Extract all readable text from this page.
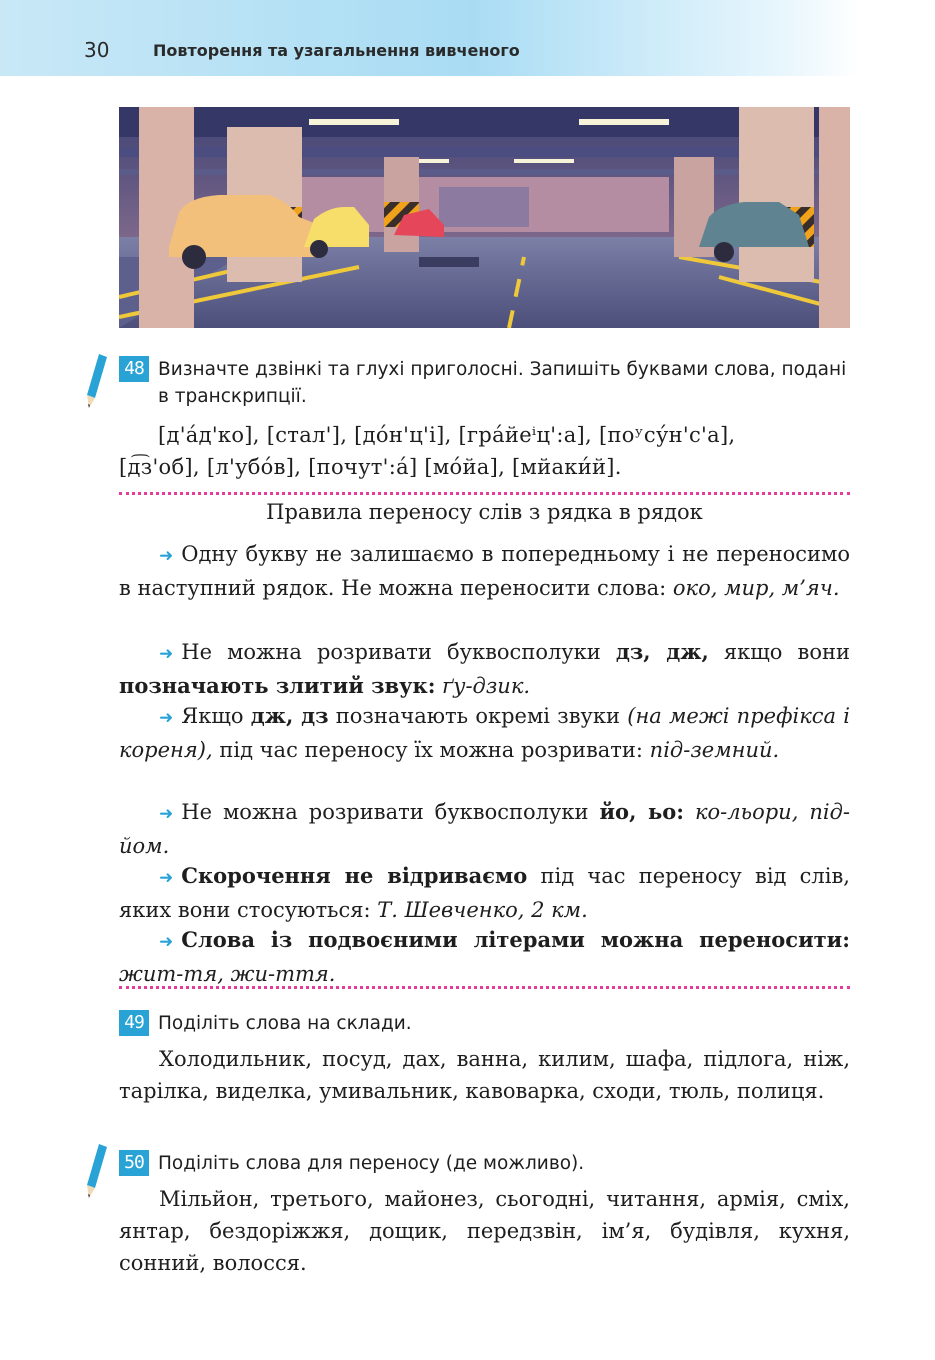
30	Повторення та узагальнення вивченого
48 Визначте дзвінкі та глухі приголосні. Запишіть буквами слова, подані в транскрипції.
[д'а́д'ко], [стал'], [до́н'ц'і], [гра́йеⁱц':а], [поʸсу́н'с'а],
[д͡з'об], [л'убо́в], [почут':а́] [мо́йа], [мйаки́й].
Правила переносу слів з рядка в рядок
➜ Одну букву не залишаємо в попередньому і не переносимо в наступний рядок. Не можна переносити слова: око, мир, м’яч.
➜ Не можна розривати буквосполуки дз, дж, якщо вони позначають злитий звук: ґу-дзик.
➜ Якщо дж, дз позначають окремі звуки (на межі префікса і кореня), під час переносу їх можна розривати: під-земний.
➜ Не можна розривати буквосполуки йо, ьо: ко-льори, під-йом.
➜ Скорочення не відриваємо під час переносу від слів, яких вони стосуються: Т. Шевченко, 2 км.
➜ Слова із подвоєними літерами можна переносити: жит-тя, жи-ття.
49 Поділіть слова на склади.
Холодильник, посуд, дах, ванна, килим, шафа, підлога, ніж, тарілка, виделка, умивальник, кавоварка, сходи, тюль, полиця.
50 Поділіть слова для переносу (де можливо).
Мільйон, третього, майонез, сьогодні, читання, армія, сміх, янтар, бездоріжжя, дощик, передзвін, ім’я, будівля, кухня, сонний, волосся.
